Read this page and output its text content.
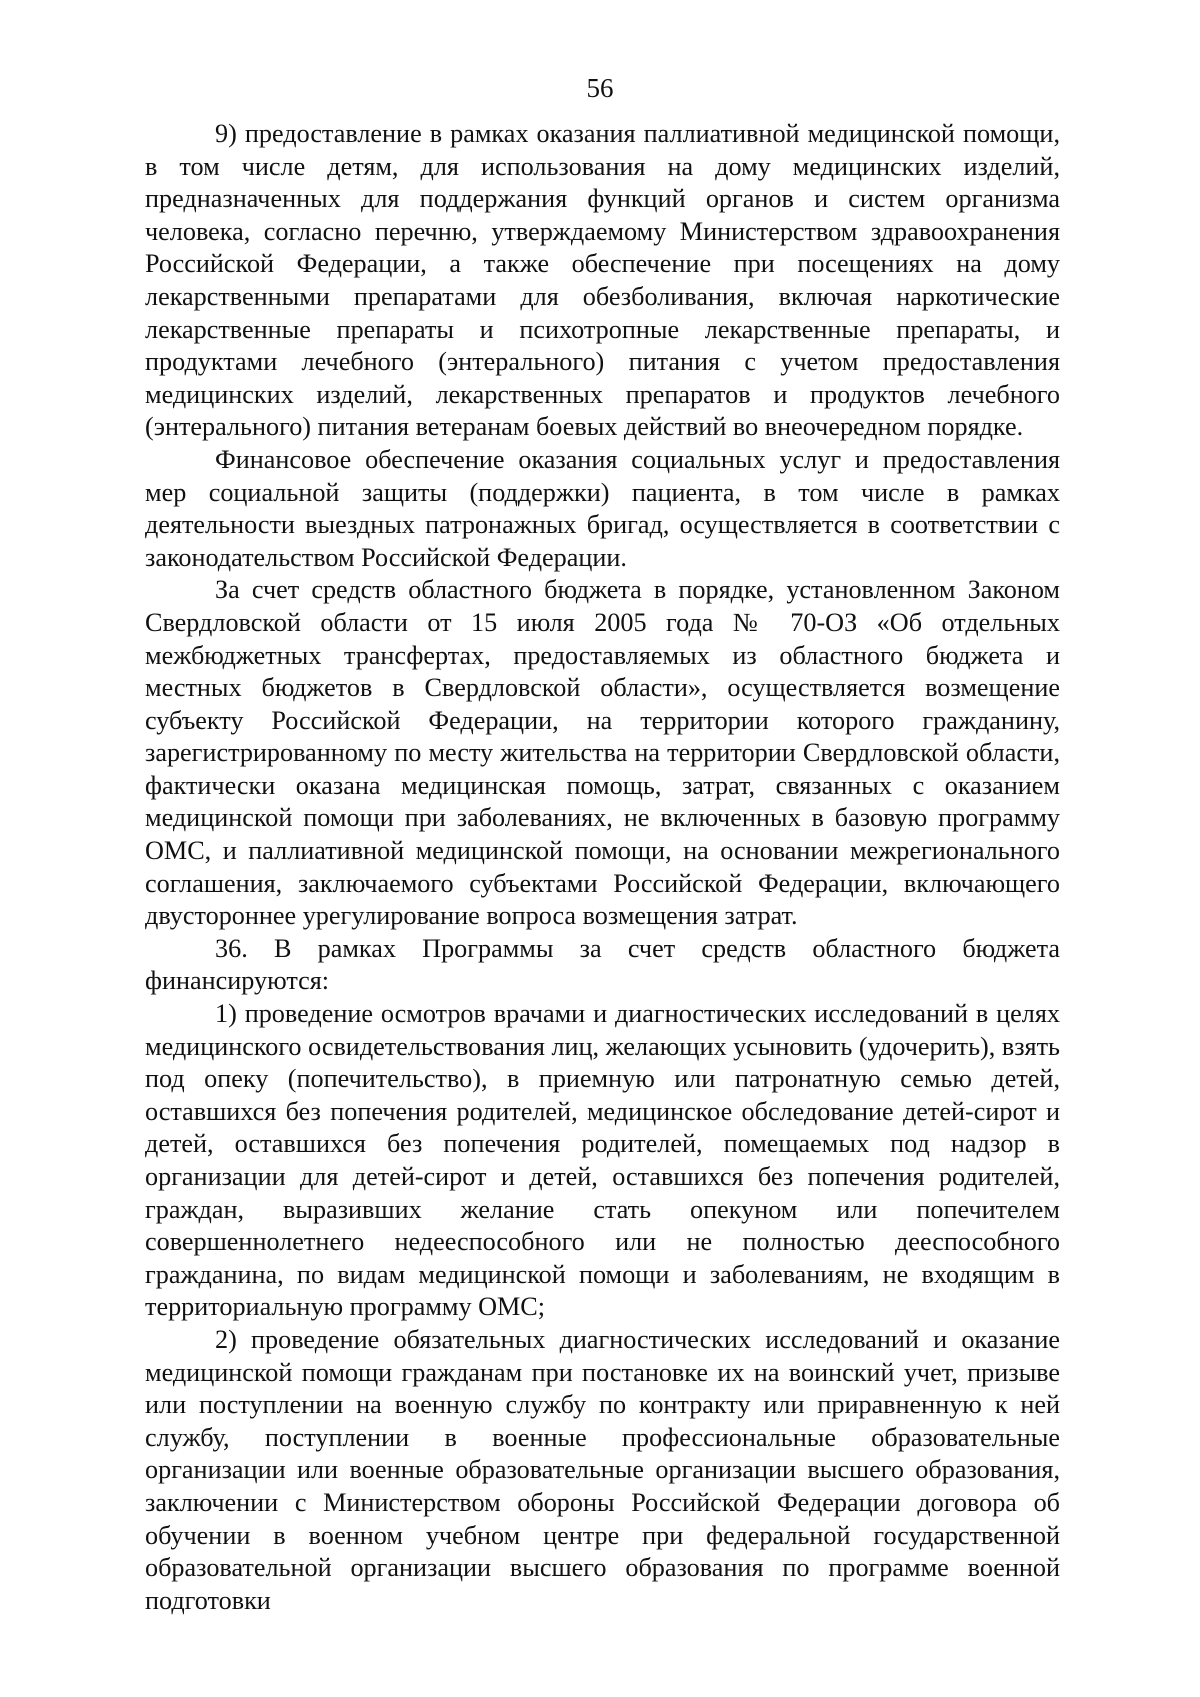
56

9) предоставление в рамках оказания паллиативной медицинской помощи, в том числе детям, для использования на дому медицинских изделий, предназначенных для поддержания функций органов и систем организма человека, согласно перечню, утверждаемому Министерством здравоохранения Российской Федерации, а также обеспечение при посещениях на дому лекарственными препаратами для обезболивания, включая наркотические лекарственные препараты и психотропные лекарственные препараты, и продуктами лечебного (энтерального) питания с учетом предоставления медицинских изделий, лекарственных препаратов и продуктов лечебного (энтерального) питания ветеранам боевых действий во внеочередном порядке.

Финансовое обеспечение оказания социальных услуг и предоставления мер социальной защиты (поддержки) пациента, в том числе в рамках деятельности выездных патронажных бригад, осуществляется в соответствии с законодательством Российской Федерации.

За счет средств областного бюджета в порядке, установленном Законом Свердловской области от 15 июля 2005 года № 70-ОЗ «Об отдельных межбюджетных трансфертах, предоставляемых из областного бюджета и местных бюджетов в Свердловской области», осуществляется возмещение субъекту Российской Федерации, на территории которого гражданину, зарегистрированному по месту жительства на территории Свердловской области, фактически оказана медицинская помощь, затрат, связанных с оказанием медицинской помощи при заболеваниях, не включенных в базовую программу ОМС, и паллиативной медицинской помощи, на основании межрегионального соглашения, заключаемого субъектами Российской Федерации, включающего двустороннее урегулирование вопроса возмещения затрат.

36. В рамках Программы за счет средств областного бюджета финансируются:

1) проведение осмотров врачами и диагностических исследований в целях медицинского освидетельствования лиц, желающих усыновить (удочерить), взять под опеку (попечительство), в приемную или патронатную семью детей, оставшихся без попечения родителей, медицинское обследование детей-сирот и детей, оставшихся без попечения родителей, помещаемых под надзор в организации для детей-сирот и детей, оставшихся без попечения родителей, граждан, выразивших желание стать опекуном или попечителем совершеннолетнего недееспособного или не полностью дееспособного гражданина, по видам медицинской помощи и заболеваниям, не входящим в территориальную программу ОМС;

2) проведение обязательных диагностических исследований и оказание медицинской помощи гражданам при постановке их на воинский учет, призыве или поступлении на военную службу по контракту или приравненную к ней службу, поступлении в военные профессиональные образовательные организации или военные образовательные организации высшего образования, заключении с Министерством обороны Российской Федерации договора об обучении в военном учебном центре при федеральной государственной образовательной организации высшего образования по программе военной подготовки
